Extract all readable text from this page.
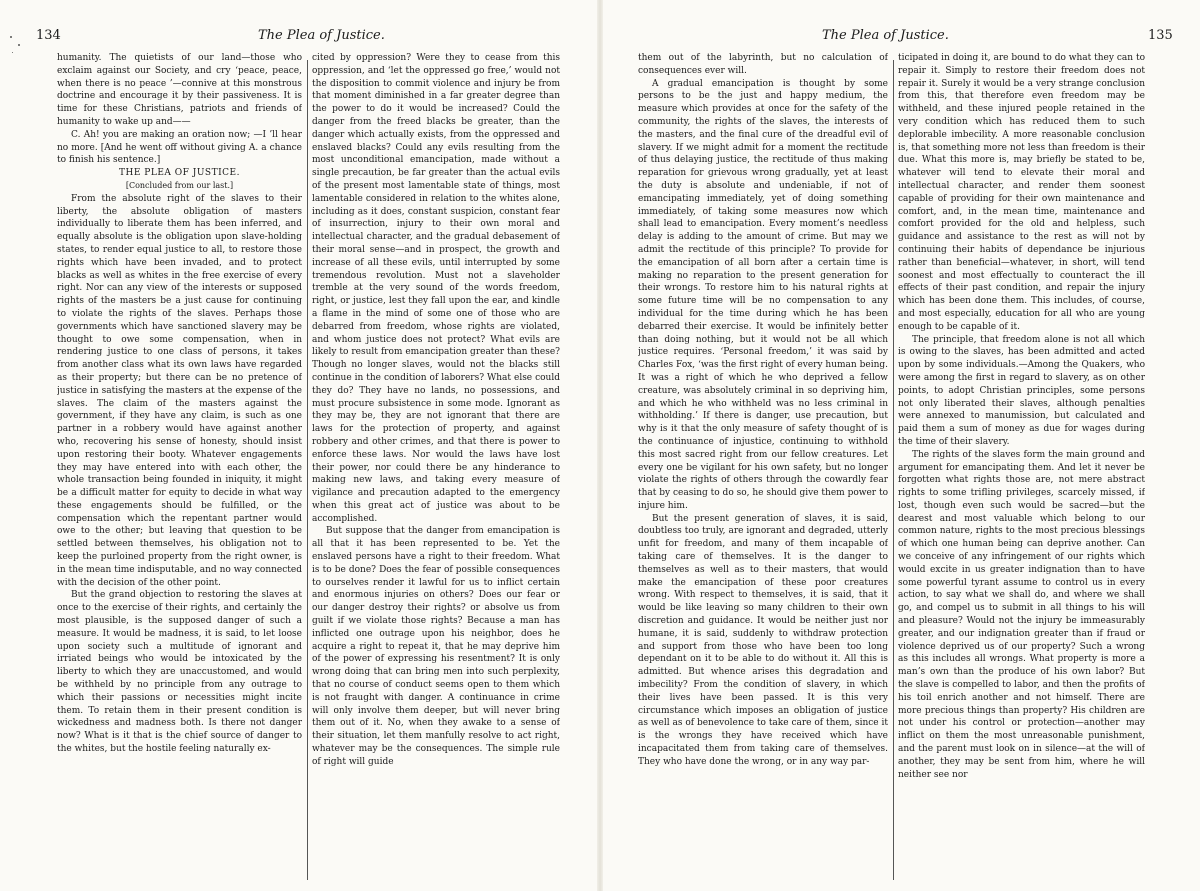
134	The Plea of Justice.

humanity. The quietists of our land—those who exclaim against our Society, and cry ‘peace, peace, when there is no peace ’—connive at this monstrous doctrine and encourage it by their passiveness. It is time for these Christians, patriots and friends of humanity to wake up and——

C. Ah! you are making an oration now; —I ’ll hear no more. [And he went off without giving A. a chance to finish his sentence.]

THE PLEA OF JUSTICE.

[Concluded from our last.]

From the absolute right of the slaves to their liberty, the absolute obligation of masters individually to liberate them has been inferred, and equally absolute is the obligation upon slave-holding states, to render equal justice to all, to restore those rights which have been invaded, and to protect blacks as well as whites in the free exercise of every right. Nor can any view of the interests or supposed rights of the masters be a just cause for continuing to violate the rights of the slaves. Perhaps those governments which have sanctioned slavery may be thought to owe some compensation, when in rendering justice to one class of persons, it takes from another class what its own laws have regarded as their property; but there can be no pretence of justice in satisfying the masters at the expense of the slaves. The claim of the masters against the government, if they have any claim, is such as one partner in a robbery would have against another who, recovering his sense of honesty, should insist upon restoring their booty. Whatever engagements they may have entered into with each other, the whole transaction being founded in iniquity, it might be a difficult matter for equity to decide in what way these engagements should be fulfilled, or the compensation which the repentant partner would owe to the other; but leaving that question to be settled between themselves, his obligation not to keep the purloined property from the right owner, is in the mean time indisputable, and no way connected with the decision of the other point.

But the grand objection to restoring the slaves at once to the exercise of their rights, and certainly the most plausible, is the supposed danger of such a measure. It would be madness, it is said, to let loose upon society such a multitude of ignorant and irriated beings who would be intoxicated by the liberty to which they are unaccustomed, and would be withheld by no principle from any outrage to which their passions or necessities might incite them. To retain them in their present condition is wickedness and madness both. Is there not danger now? What is it that is the chief source of danger to the whites, but the hostile feeling naturally ex-

cited by oppression? Were they to cease from this oppression, and ‘let the oppressed go free,’ would not the disposition to commit violence and injury be from that moment diminished in a far greater degree than the power to do it would be increased? Could the danger from the freed blacks be greater, than the danger which actually exists, from the oppressed and enslaved blacks? Could any evils resulting from the most unconditional emancipation, made without a single precaution, be far greater than the actual evils of the present most lamentable state of things, most lamentable considered in relation to the whites alone, including as it does, constant suspicion, constant fear of insurrection, injury to their own moral and intellectual character, and the gradual debasement of their moral sense—and in prospect, the growth and increase of all these evils, until interrupted by some tremendous revolution. Must not a slaveholder tremble at the very sound of the words freedom, right, or justice, lest they fall upon the ear, and kindle a flame in the mind of some one of those who are debarred from freedom, whose rights are violated, and whom justice does not protect? What evils are likely to result from emancipation greater than these? Though no longer slaves, would not the blacks still continue in the condition of laborers? What else could they do? They have no lands, no possessions, and must procure subsistence in some mode. Ignorant as they may be, they are not ignorant that there are laws for the protection of property, and against robbery and other crimes, and that there is power to enforce these laws. Nor would the laws have lost their power, nor could there be any hinderance to making new laws, and taking every measure of vigilance and precaution adapted to the emergency when this great act of justice was about to be accomplished.

But suppose that the danger from emancipation is all that it has been represented to be. Yet the enslaved persons have a right to their freedom. What is to be done? Does the fear of possible consequences to ourselves render it lawful for us to inflict certain and enormous injuries on others? Does our fear or our danger destroy their rights? or absolve us from guilt if we violate those rights? Because a man has inflicted one outrage upon his neighbor, does he acquire a right to repeat it, that he may deprive him of the power of expressing his resentment? It is only wrong doing that can bring men into such perplexity, that no course of conduct seems open to them which is not fraught with danger. A continuance in crime will only involve them deeper, but will never bring them out of it. No, when they awake to a sense of their situation, let them manfully resolve to act right, whatever may be the consequences. The simple rule of right will guide

The Plea of Justice.	135

them out of the labyrinth, but no calculation of consequences ever will.

A gradual emancipation is thought by some persons to be the just and happy medium, the measure which provides at once for the safety of the community, the rights of the slaves, the interests of the masters, and the final cure of the dreadful evil of slavery. If we might admit for a moment the rectitude of thus delaying justice, the rectitude of thus making reparation for grievous wrong gradually, yet at least the duty is absolute and undeniable, if not of emancipating immediately, yet of doing something immediately, of taking some measures now which shall lead to emancipation. Every moment’s needless delay is adding to the amount of crime. But may we admit the rectitude of this principle? To provide for the emancipation of all born after a certain time is making no reparation to the present generation for their wrongs. To restore him to his natural rights at some future time will be no compensation to any individual for the time during which he has been debarred their exercise. It would be infinitely better than doing nothing, but it would not be all which justice requires. ‘Personal freedom,’ it was said by Charles Fox, ‘was the first right of every human being. It was a right of which he who deprived a fellow creature, was absolutely criminal in so depriving him, and which he who withheld was no less criminal in withholding.’ If there is danger, use precaution, but why is it that the only measure of safety thought of is the continuance of injustice, continuing to withhold this most sacred right from our fellow creatures. Let every one be vigilant for his own safety, but no longer violate the rights of others through the cowardly fear that by ceasing to do so, he should give them power to injure him.

But the present generation of slaves, it is said, doubtless too truly, are ignorant and degraded, utterly unfit for freedom, and many of them incapable of taking care of themselves. It is the danger to themselves as well as to their masters, that would make the emancipation of these poor creatures wrong. With respect to themselves, it is said, that it would be like leaving so many children to their own discretion and guidance. It would be neither just nor humane, it is said, suddenly to withdraw protection and support from those who have been too long dependant on it to be able to do without it. All this is admitted. But whence arises this degradation and imbecility? From the condition of slavery, in which their lives have been passed. It is this very circumstance which imposes an obligation of justice as well as of benevolence to take care of them, since it is the wrongs they have received which have incapacitated them from taking care of themselves. They who have done the wrong, or in any way par-

ticipated in doing it, are bound to do what they can to repair it. Simply to restore their freedom does not repair it. Surely it would be a very strange conclusion from this, that therefore even freedom may be withheld, and these injured people retained in the very condition which has reduced them to such deplorable imbecility. A more reasonable conclusion is, that something more not less than freedom is their due. What this more is, may briefly be stated to be, whatever will tend to elevate their moral and intellectual character, and render them soonest capable of providing for their own maintenance and comfort, and, in the mean time, maintenance and comfort provided for the old and helpless, such guidance and assistance to the rest as will not by continuing their habits of dependance be injurious rather than beneficial—whatever, in short, will tend soonest and most effectually to counteract the ill effects of their past condition, and repair the injury which has been done them. This includes, of course, and most especially, education for all who are young enough to be capable of it.

The principle, that freedom alone is not all which is owing to the slaves, has been admitted and acted upon by some individuals.—Among the Quakers, who were among the first in regard to slavery, as on other points, to adopt Christian principles, some persons not only liberated their slaves, although penalties were annexed to manumission, but calculated and paid them a sum of money as due for wages during the time of their slavery.

The rights of the slaves form the main ground and argument for emancipating them. And let it never be forgotten what rights those are, not mere abstract rights to some trifling privileges, scarcely missed, if lost, though even such would be sacred—but the dearest and most valuable which belong to our common nature, rights to the most precious blessings of which one human being can deprive another. Can we conceive of any infringement of our rights which would excite in us greater indignation than to have some powerful tyrant assume to control us in every action, to say what we shall do, and where we shall go, and compel us to submit in all things to his will and pleasure? Would not the injury be immeasurably greater, and our indignation greater than if fraud or violence deprived us of our property? Such a wrong as this includes all wrongs. What property is more a man’s own than the produce of his own labor? But the slave is compelled to labor, and then the profits of his toil enrich another and not himself. There are more precious things than property? His children are not under his control or protection—another may inflict on them the most unreasonable punishment, and the parent must look on in silence—at the will of another, they may be sent from him, where he will neither see nor
